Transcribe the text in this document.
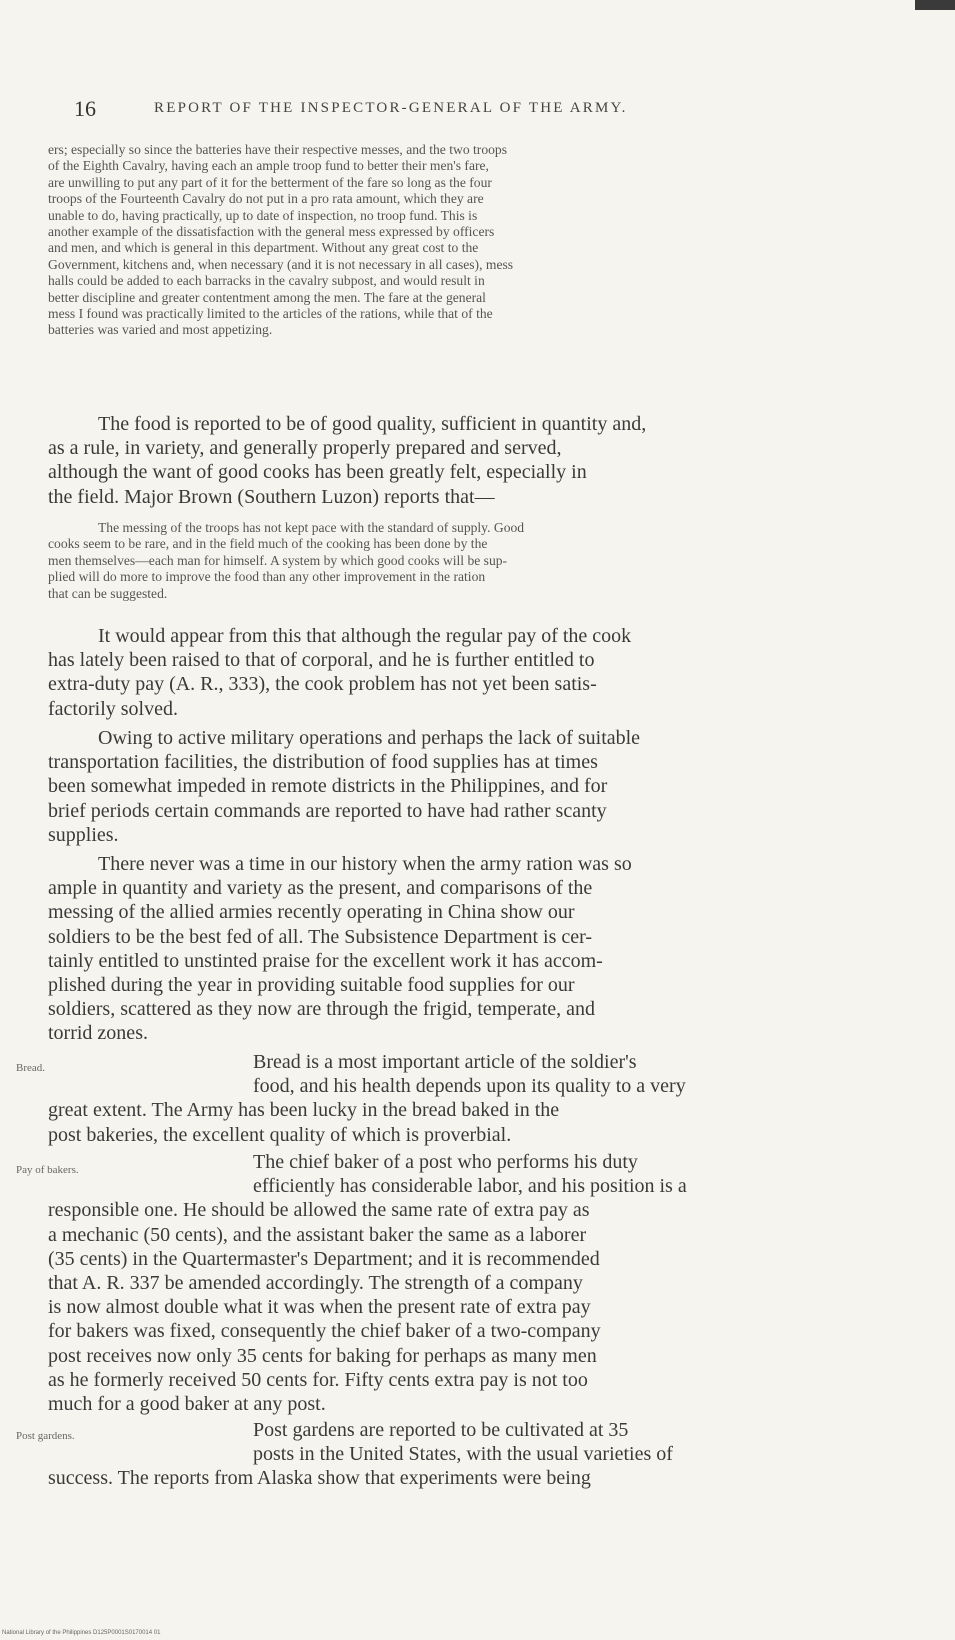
16	REPORT OF THE INSPECTOR-GENERAL OF THE ARMY.
ers; especially so since the batteries have their respective messes, and the two troops
of the Eighth Cavalry, having each an ample troop fund to better their men's fare,
are unwilling to put any part of it for the betterment of the fare so long as the four
troops of the Fourteenth Cavalry do not put in a pro rata amount, which they are
unable to do, having practically, up to date of inspection, no troop fund. This is
another example of the dissatisfaction with the general mess expressed by officers
and men, and which is general in this department. Without any great cost to the
Government, kitchens and, when necessary (and it is not necessary in all cases), mess
halls could be added to each barracks in the cavalry subpost, and would result in
better discipline and greater contentment among the men. The fare at the general
mess I found was practically limited to the articles of the rations, while that of the
batteries was varied and most appetizing.
The food is reported to be of good quality, sufficient in quantity and,
as a rule, in variety, and generally properly prepared and served,
although the want of good cooks has been greatly felt, especially in
the field. Major Brown (Southern Luzon) reports that—
The messing of the troops has not kept pace with the standard of supply. Good
cooks seem to be rare, and in the field much of the cooking has been done by the
men themselves—each man for himself. A system by which good cooks will be sup-
plied will do more to improve the food than any other improvement in the ration
that can be suggested.
It would appear from this that although the regular pay of the cook
has lately been raised to that of corporal, and he is further entitled to
extra-duty pay (A. R., 333), the cook problem has not yet been satis-
factorily solved.
Owing to active military operations and perhaps the lack of suitable
transportation facilities, the distribution of food supplies has at times
been somewhat impeded in remote districts in the Philippines, and for
brief periods certain commands are reported to have had rather scanty
supplies.
There never was a time in our history when the army ration was so
ample in quantity and variety as the present, and comparisons of the
messing of the allied armies recently operating in China show our
soldiers to be the best fed of all. The Subsistence Department is cer-
tainly entitled to unstinted praise for the excellent work it has accom-
plished during the year in providing suitable food supplies for our
soldiers, scattered as they now are through the frigid, temperate, and
torrid zones.
Bread.	Bread is a most important article of the soldier's
food, and his health depends upon its quality to a very
great extent. The Army has been lucky in the bread baked in the
post bakeries, the excellent quality of which is proverbial.
Pay of bakers.	The chief baker of a post who performs his duty
efficiently has considerable labor, and his position is a
responsible one. He should be allowed the same rate of extra pay as
a mechanic (50 cents), and the assistant baker the same as a laborer
(35 cents) in the Quartermaster's Department; and it is recommended
that A. R. 337 be amended accordingly. The strength of a company
is now almost double what it was when the present rate of extra pay
for bakers was fixed, consequently the chief baker of a two-company
post receives now only 35 cents for baking for perhaps as many men
as he formerly received 50 cents for. Fifty cents extra pay is not too
much for a good baker at any post.
Post gardens.	Post gardens are reported to be cultivated at 35
posts in the United States, with the usual varieties of
success. The reports from Alaska show that experiments were being
National Library of the Philippines D125P0001S0170014 01
